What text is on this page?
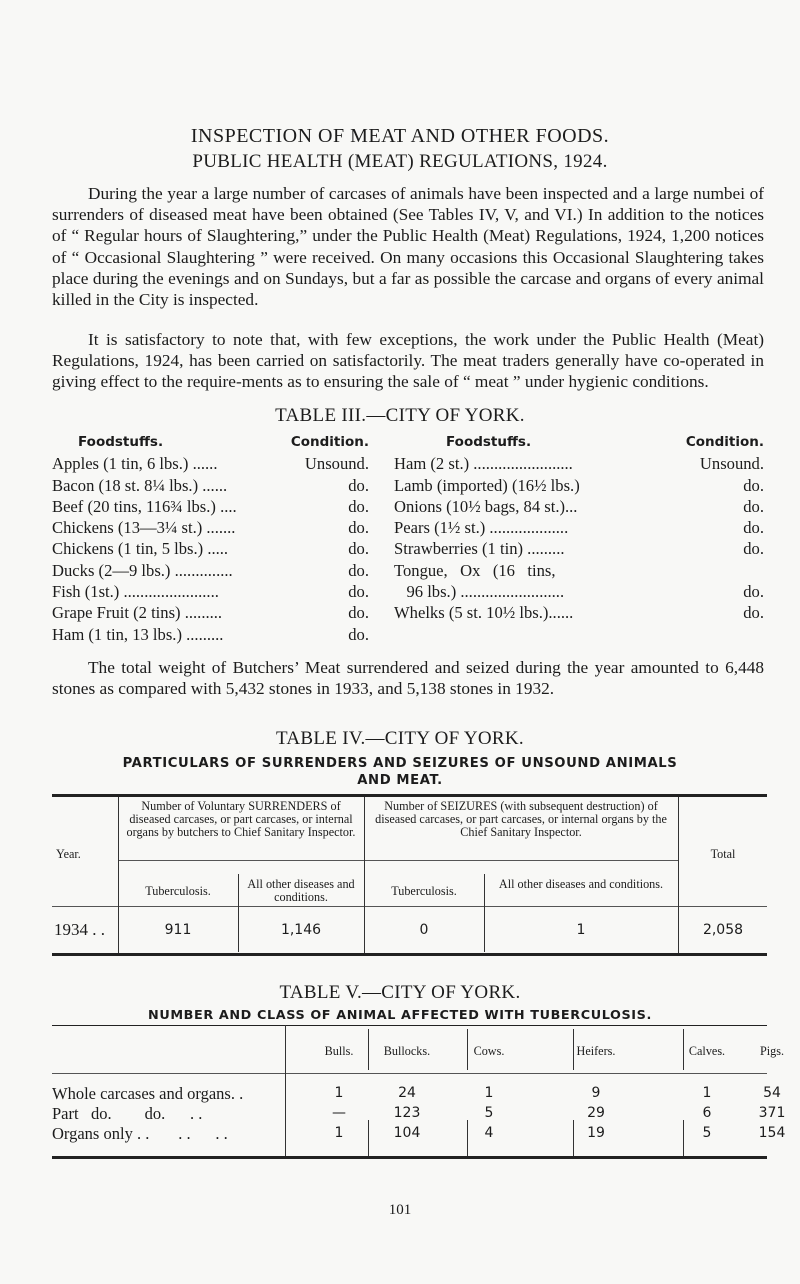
INSPECTION OF MEAT AND OTHER FOODS.
PUBLIC HEALTH (MEAT) REGULATIONS, 1924.

During the year a large number of carcases of animals have been inspected and a large numbei of surrenders of diseased meat have been obtained (See Tables IV, V, and VI.) In addition to the notices of “ Regular hours of Slaughtering,” under the Public Health (Meat) Regulations, 1924, 1,200 notices of “ Occasional Slaughtering ” were received. On many occasions this Occasional Slaughtering takes place during the evenings and on Sundays, but a far as possible the carcase and organs of every animal killed in the City is inspected.

It is satisfactory to note that, with few exceptions, the work under the Public Health (Meat) Regulations, 1924, has been carried on satisfactorily. The meat traders generally have co-operated in giving effect to the require-ments as to ensuring the sale of “ meat ” under hygienic conditions.

TABLE III.—CITY OF YORK.
Foodstuffs.	Condition.
Apples (1 tin, 6 lbs.) ......	Unsound.
Bacon (18 st. 8¼ lbs.) ......	do.
Beef (20 tins, 116¾ lbs.) ....	do.
Chickens (13—3¼ st.) .......	do.
Chickens (1 tin, 5 lbs.) .....	do.
Ducks (2—9 lbs.) ..............	do.
Fish (1st.) .......................	do.
Grape Fruit (2 tins) .........	do.
Ham (1 tin, 13 lbs.) .........	do.
Foodstuffs.	Condition.
Ham (2 st.) ........................	Unsound.
Lamb (imported) (16½ lbs.)	do.
Onions (10½ bags, 84 st.)...	do.
Pears (1½ st.) ...................	do.
Strawberries (1 tin) .........	do.
Tongue,   Ox   (16   tins,
96 lbs.) .........................	do.
Whelks (5 st. 10½ lbs.)......	do.

The total weight of Butchers’ Meat surrendered and seized during the year amounted to 6,448 stones as compared with 5,432 stones in 1933, and 5,138 stones in 1932.

TABLE IV.—CITY OF YORK.
PARTICULARS OF SURRENDERS AND SEIZURES OF UNSOUND ANIMALS
AND MEAT.
Year.
Number of Voluntary SURRENDERS of diseased carcases, or part carcases, or internal organs by butchers to Chief Sanitary Inspector.
Number of SEIZURES (with subsequent destruction) of diseased carcases, or part carcases, or internal organs by the Chief Sanitary Inspector.
Total
Tuberculosis.	All other diseases and conditions.	Tuberculosis.	All other diseases and conditions.
1934 . .	911	1,146	0	1	2,058
TABLE V.—CITY OF YORK.
NUMBER AND CLASS OF ANIMAL AFFECTED WITH TUBERCULOSIS.
Bulls.	Bullocks.	Cows.	Heifers.	Calves.	Pigs.
Whole carcases and organs. .	1	24	1	9	1	54
Part   do.        do.      . .	—	123	5	29	6	371
Organs only . .       . .      . .	1	104	4	19	5	154
101
